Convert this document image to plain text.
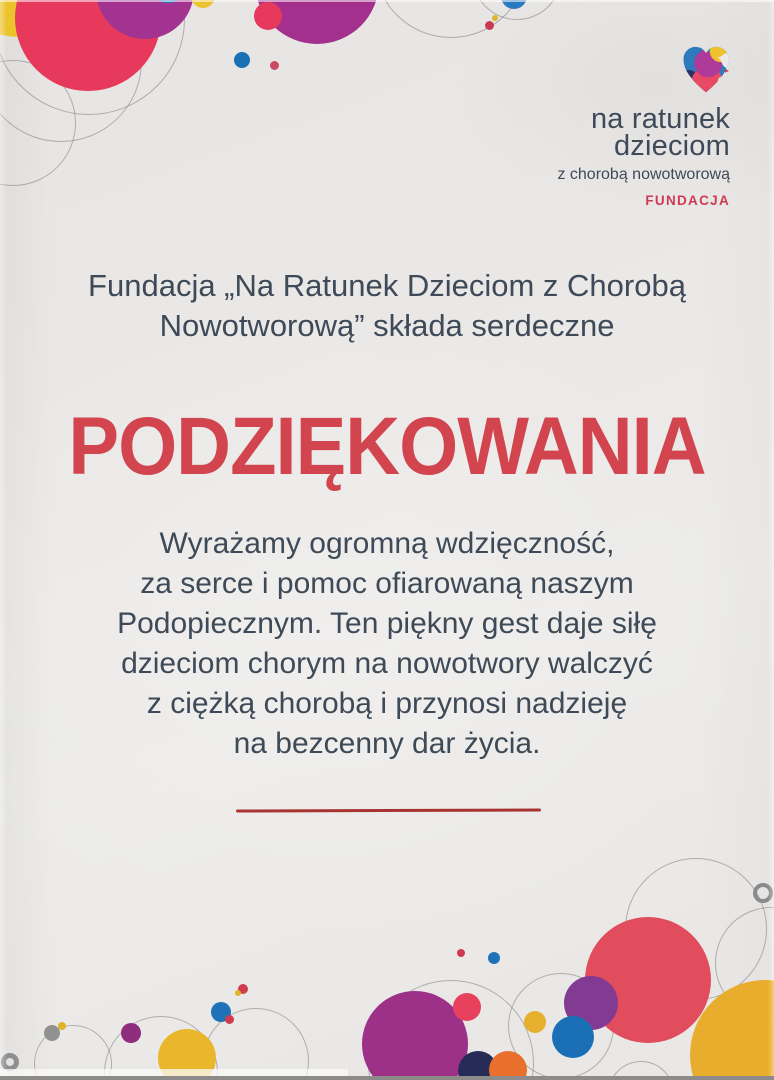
na ratunek
dzieciom
z chorobą nowotworową
FUNDACJA
Fundacja „Na Ratunek Dzieciom z Chorobą
Nowotworową” składa serdeczne
PODZIĘKOWANIA
Wyrażamy ogromną wdzięczność,
za serce i pomoc ofiarowaną naszym
Podopiecznym. Ten piękny gest daje siłę
dzieciom chorym na nowotwory walczyć
z ciężką chorobą i przynosi nadzieję
na bezcenny dar życia.
